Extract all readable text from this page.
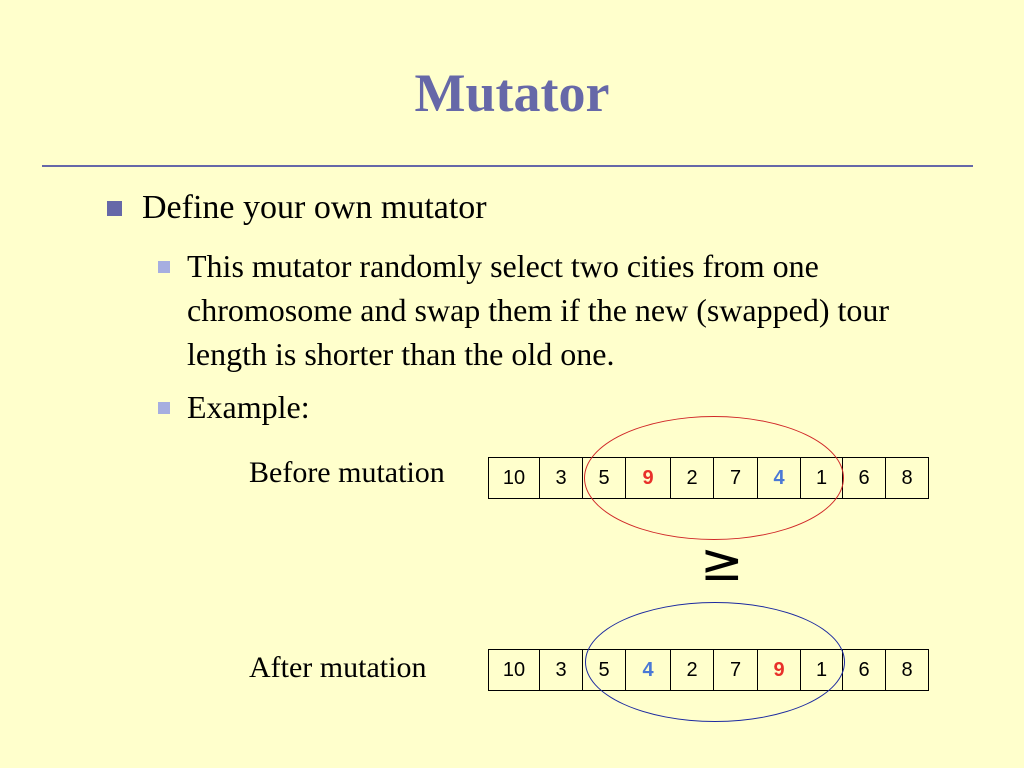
Mutator
Define your own mutator
This mutator randomly select two cities from one chromosome and swap them if the new (swapped) tour length is shorter than the old one.
Example:
Before mutation	10	3	5	9	2	7	4	1	6	8
≥
After mutation	10	3	5	4	2	7	9	1	6	8
